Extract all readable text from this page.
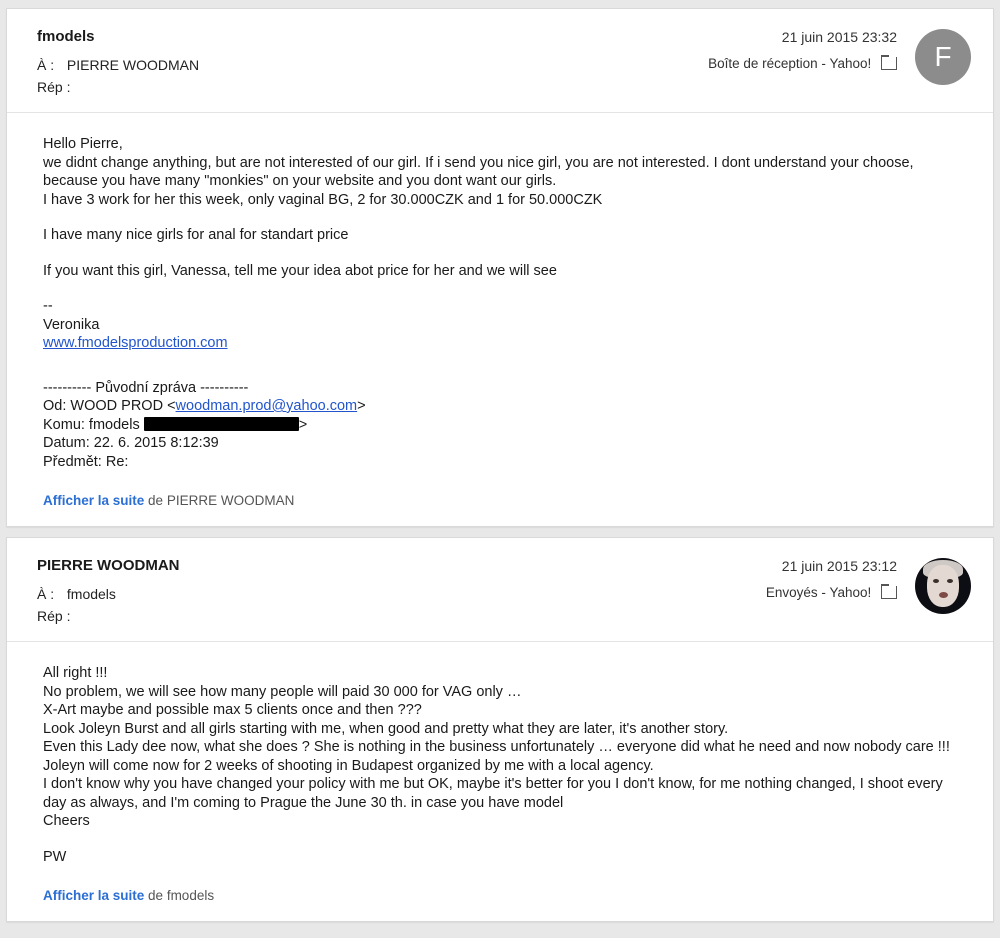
fmodels
À : PIERRE WOODMAN
Rép :
21 juin 2015 23:32
Boîte de réception - Yahoo!	F

Hello Pierre,
we didnt change anything, but are not interested of our girl. If i send you nice girl, you are not interested. I dont understand your choose, because you have many "monkies" on your website and you dont want our girls.
I have 3 work for her this week, only vaginal BG, 2 for 30.000CZK and 1 for 50.000CZK

I have many nice girls for anal for standart price

If you want this girl, Vanessa, tell me your idea abot price for her and we will see

--
Veronika

www.fmodelsproduction.com

---------- Původní zpráva ----------
Od: WOOD PROD <woodman.prod@yahoo.com>
Komu: fmodels	>
Datum: 22. 6. 2015 8:12:39
Předmět: Re:
Afficher la suite de PIERRE WOODMAN
PIERRE WOODMAN
À : fmodels
Rép :
21 juin 2015 23:12
Envoyés - Yahoo!

All right !!!
No problem, we will see how many people will paid 30 000 for VAG only …
X-Art maybe and possible max 5 clients once and then ???
Look Joleyn Burst and all girls starting with me, when good and pretty what they are later, it's another story.
Even this Lady dee now, what she does ? She is nothing in the business unfortunately … everyone did what he need and now nobody care !!!
Joleyn will come now for 2 weeks of shooting in Budapest organized by me with a local agency.
I don't know why you have changed your policy with me but OK, maybe it's better for you I don't know, for me nothing changed, I shoot every day as always, and I'm coming to Prague the June 30 th. in case you have model
Cheers

PW

Afficher la suite de fmodels
